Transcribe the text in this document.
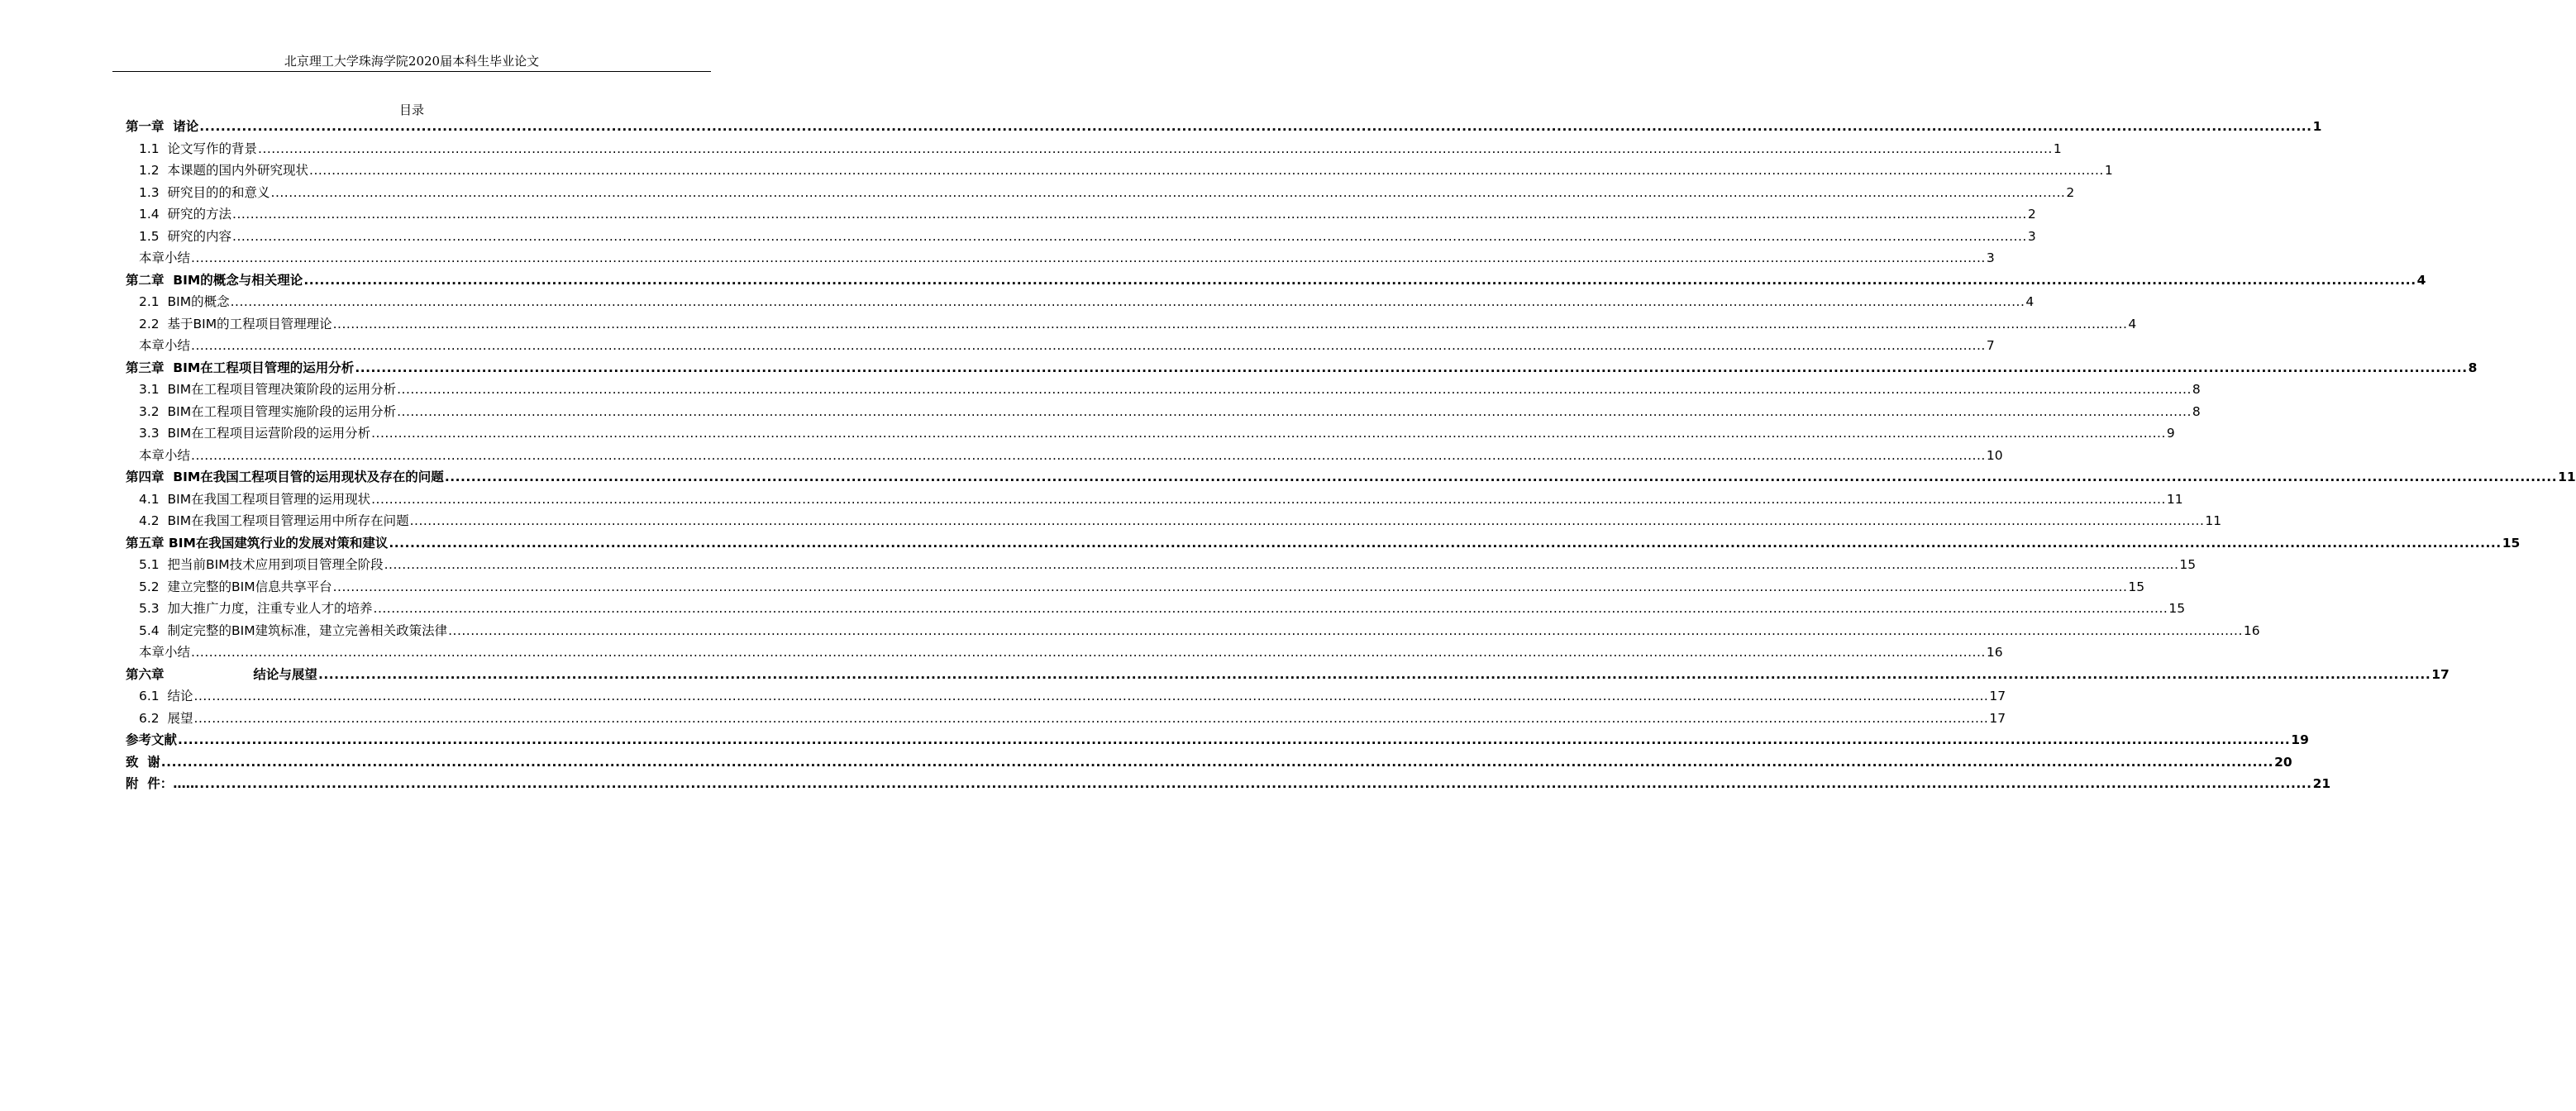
北京理工大学珠海学院2020届本科生毕业论文
目录
第一章  诸论 ................................................................................................................................................................................................................................................................................................................................................................................................................ 1
1.1  论文写作的背景 ................................................................................................................................................................................................................................................................................................................................................................................................................ 1
1.2  本课题的国内外研究现状 ................................................................................................................................................................................................................................................................................................................................................................................................................ 1
1.3  研究目的的和意义 ................................................................................................................................................................................................................................................................................................................................................................................................................ 2
1.4  研究的方法 ................................................................................................................................................................................................................................................................................................................................................................................................................ 2
1.5  研究的内容 ................................................................................................................................................................................................................................................................................................................................................................................................................ 3
本章小结 ................................................................................................................................................................................................................................................................................................................................................................................................................ 3
第二章  BIM的概念与相关理论 ................................................................................................................................................................................................................................................................................................................................................................................................................ 4
2.1  BIM的概念 ................................................................................................................................................................................................................................................................................................................................................................................................................ 4
2.2  基于BIM的工程项目管理理论 ................................................................................................................................................................................................................................................................................................................................................................................................................ 4
本章小结 ................................................................................................................................................................................................................................................................................................................................................................................................................ 7
第三章  BIM在工程项目管理的运用分析 ................................................................................................................................................................................................................................................................................................................................................................................................................ 8
3.1  BIM在工程项目管理决策阶段的运用分析 ................................................................................................................................................................................................................................................................................................................................................................................................................ 8
3.2  BIM在工程项目管理实施阶段的运用分析 ................................................................................................................................................................................................................................................................................................................................................................................................................ 8
3.3  BIM在工程项目运营阶段的运用分析 ................................................................................................................................................................................................................................................................................................................................................................................................................ 9
本章小结 ................................................................................................................................................................................................................................................................................................................................................................................................................ 10
第四章  BIM在我国工程项目管的运用现状及存在的问题 ................................................................................................................................................................................................................................................................................................................................................................................................................ 11
4.1  BIM在我国工程项目管理的运用现状 ................................................................................................................................................................................................................................................................................................................................................................................................................ 11
4.2  BIM在我国工程项目管理运用中所存在问题 ................................................................................................................................................................................................................................................................................................................................................................................................................ 11
第五章 BIM在我国建筑行业的发展对策和建议 ................................................................................................................................................................................................................................................................................................................................................................................................................ 15
5.1  把当前BIM技术应用到项目管理全阶段 ................................................................................................................................................................................................................................................................................................................................................................................................................ 15
5.2  建立完整的BIM信息共享平台 ................................................................................................................................................................................................................................................................................................................................................................................................................ 15
5.3  加大推广力度，注重专业人才的培养 ................................................................................................................................................................................................................................................................................................................................................................................................................ 15
5.4  制定完整的BIM建筑标准，建立完善相关政策法律 ................................................................................................................................................................................................................................................................................................................................................................................................................ 16
本章小结 ................................................................................................................................................................................................................................................................................................................................................................................................................ 16
第六章                    结论与展望 ................................................................................................................................................................................................................................................................................................................................................................................................................ 17
6.1  结论 ................................................................................................................................................................................................................................................................................................................................................................................................................ 17
6.2  展望 ................................................................................................................................................................................................................................................................................................................................................................................................................ 17
参考文献 ................................................................................................................................................................................................................................................................................................................................................................................................................ 19
致  谢 ................................................................................................................................................................................................................................................................................................................................................................................................................ 20
附  件：…… ................................................................................................................................................................................................................................................................................................................................................................................................................ 21
